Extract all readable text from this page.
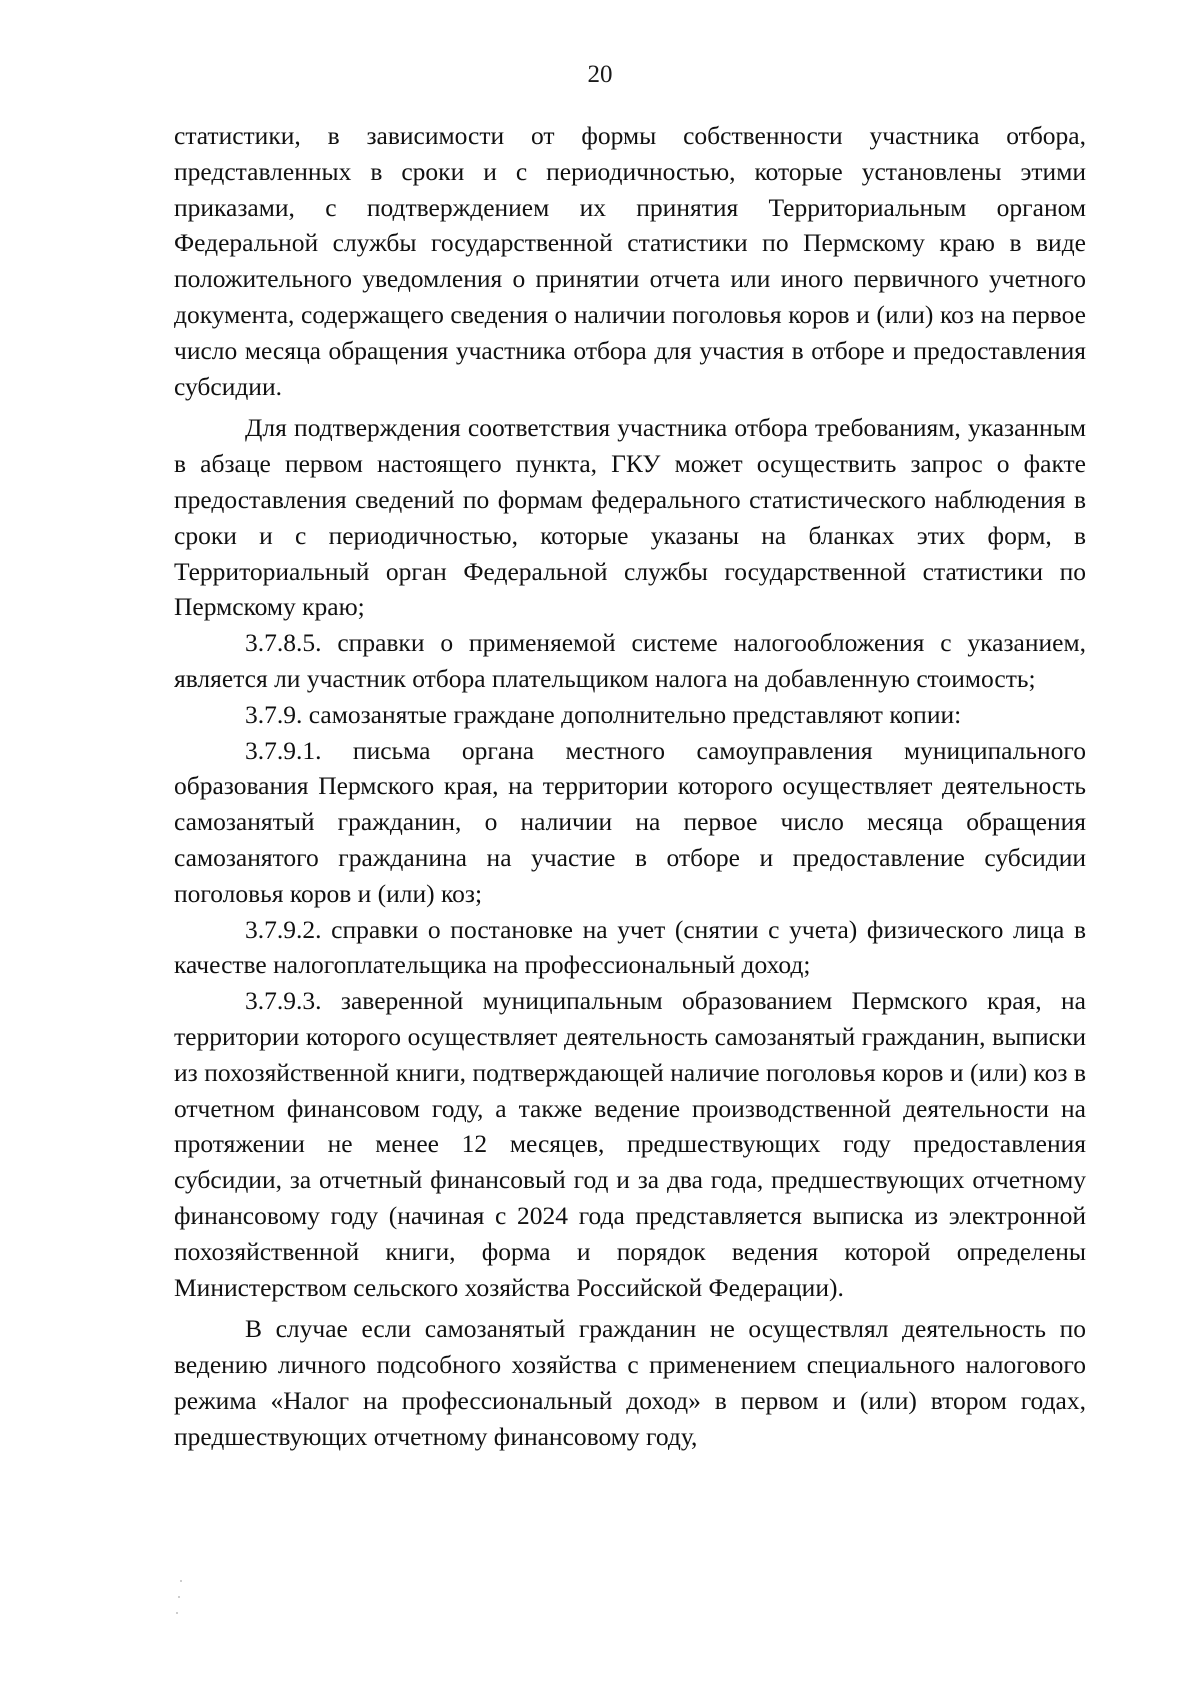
20

статистики, в зависимости от формы собственности участника отбора, представленных в сроки и с периодичностью, которые установлены этими приказами, с подтверждением их принятия Территориальным органом Федеральной службы государственной статистики по Пермскому краю в виде положительного уведомления о принятии отчета или иного первичного учетного документа, содержащего сведения о наличии поголовья коров и (или) коз на первое число месяца обращения участника отбора для участия в отборе и предоставления субсидии.

Для подтверждения соответствия участника отбора требованиям, указанным в абзаце первом настоящего пункта, ГКУ может осуществить запрос о факте предоставления сведений по формам федерального статистического наблюдения в сроки и с периодичностью, которые указаны на бланках этих форм, в Территориальный орган Федеральной службы государственной статистики по Пермскому краю;

3.7.8.5. справки о применяемой системе налогообложения с указанием, является ли участник отбора плательщиком налога на добавленную стоимость;

3.7.9. самозанятые граждане дополнительно представляют копии:

3.7.9.1. письма органа местного самоуправления муниципального образования Пермского края, на территории которого осуществляет деятельность самозанятый гражданин, о наличии на первое число месяца обращения самозанятого гражданина на участие в отборе и предоставление субсидии поголовья коров и (или) коз;

3.7.9.2. справки о постановке на учет (снятии с учета) физического лица в качестве налогоплательщика на профессиональный доход;

3.7.9.3. заверенной муниципальным образованием Пермского края, на территории которого осуществляет деятельность самозанятый гражданин, выписки из похозяйственной книги, подтверждающей наличие поголовья коров и (или) коз в отчетном финансовом году, а также ведение производственной деятельности на протяжении не менее 12 месяцев, предшествующих году предоставления субсидии, за отчетный финансовый год и за два года, предшествующих отчетному финансовому году (начиная с 2024 года представляется выписка из электронной похозяйственной книги, форма и порядок ведения которой определены Министерством сельского хозяйства Российской Федерации).

В случае если самозанятый гражданин не осуществлял деятельность по ведению личного подсобного хозяйства с применением специального налогового режима «Налог на профессиональный доход» в первом и (или) втором годах, предшествующих отчетному финансовому году,
